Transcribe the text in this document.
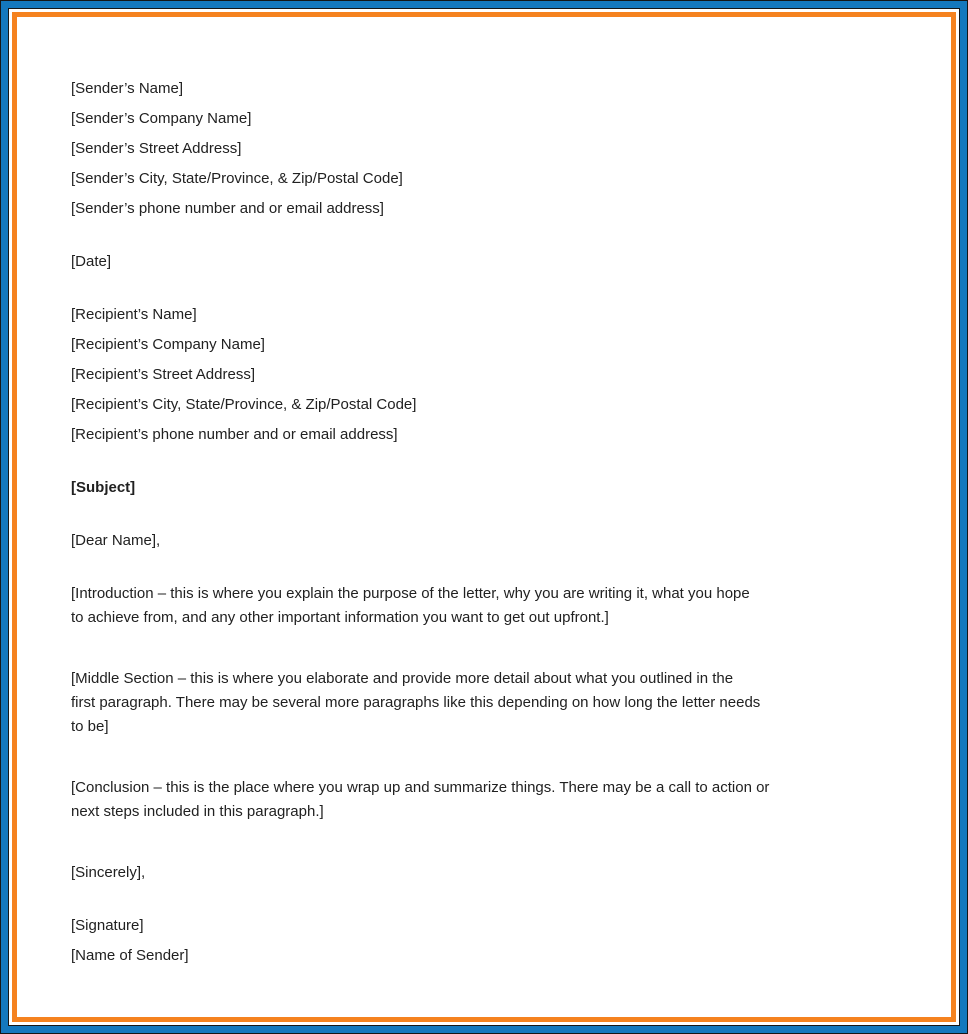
[Sender’s Name]
[Sender’s Company Name]
[Sender’s Street Address]
[Sender’s City, State/Province, & Zip/Postal Code]
[Sender’s phone number and or email address]
[Date]
[Recipient’s Name]
[Recipient’s Company Name]
[Recipient’s Street Address]
[Recipient’s City, State/Province, & Zip/Postal Code]
[Recipient’s phone number and or email address]
[Subject]
[Dear Name],
[Introduction – this is where you explain the purpose of the letter, why you are writing it, what you hope
to achieve from, and any other important information you want to get out upfront.]
[Middle Section – this is where you elaborate and provide more detail about what you outlined in the
first paragraph. There may be several more paragraphs like this depending on how long the letter needs
to be]
[Conclusion – this is the place where you wrap up and summarize things. There may be a call to action or
next steps included in this paragraph.]
[Sincerely],
[Signature]
[Name of Sender]
